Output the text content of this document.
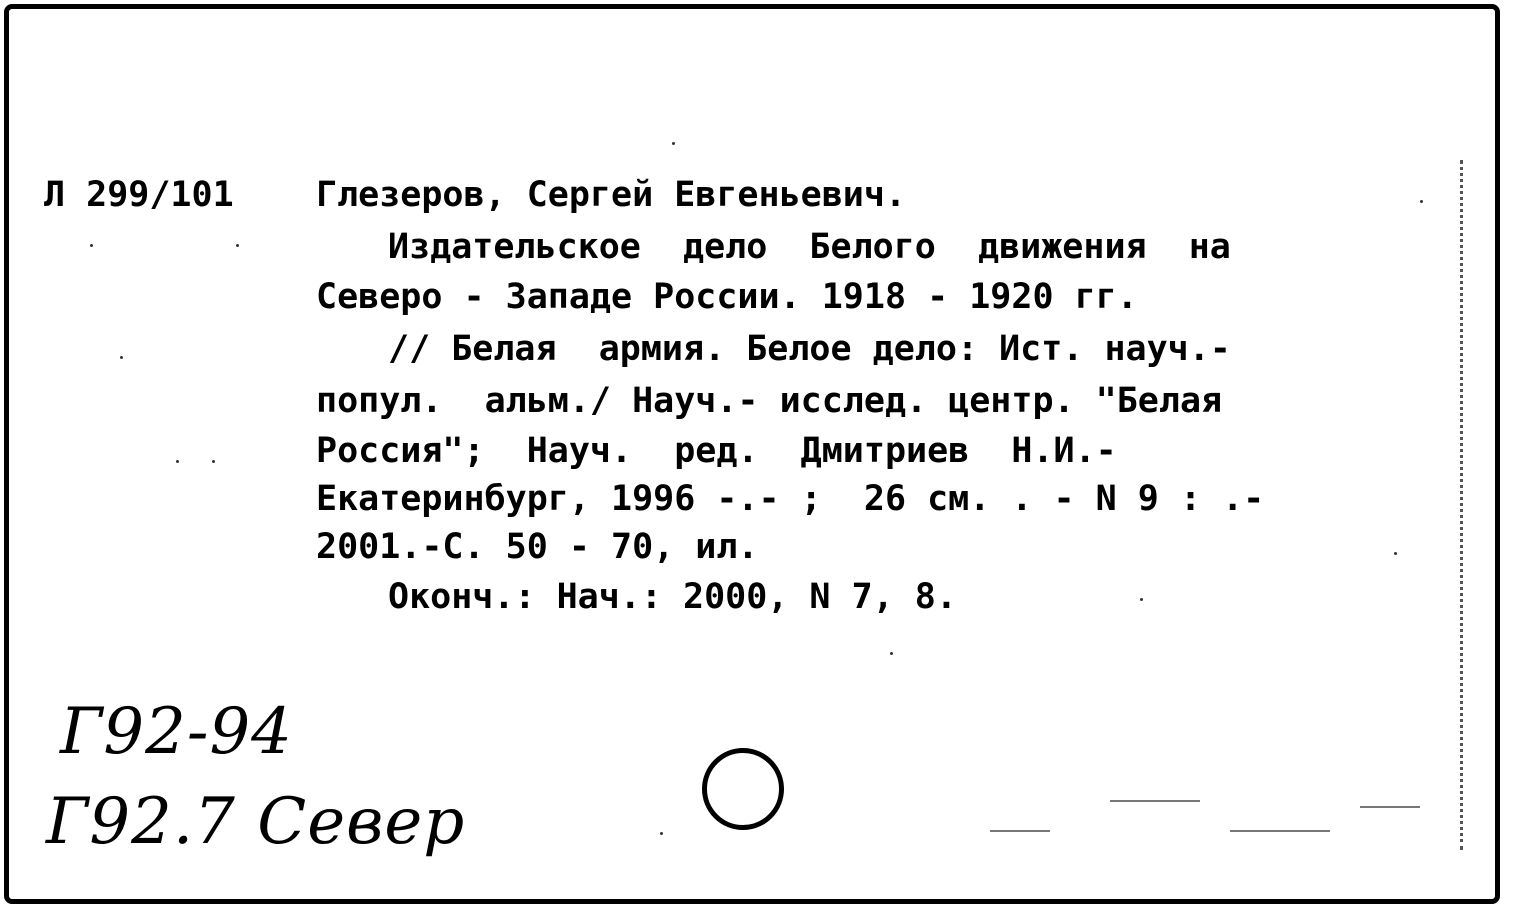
Л 299/101 Глезеров, Сергей Евгеньевич.
Издательское  дело  Белого  движения  на
Северо - Западе России. 1918 - 1920 гг.
// Белая  армия. Белое дело: Ист. науч.-
попул.  альм./ Науч.- исслед. центр. "Белая
Россия";  Науч.  ред.  Дмитриев  Н.И.-
Екатеринбург, 1996 -.- ;  26 см. . - N 9 : .-
2001.-С. 50 - 70, ил.
Оконч.: Нач.: 2000, N 7, 8.
Г92-94
Г92.7 Север
